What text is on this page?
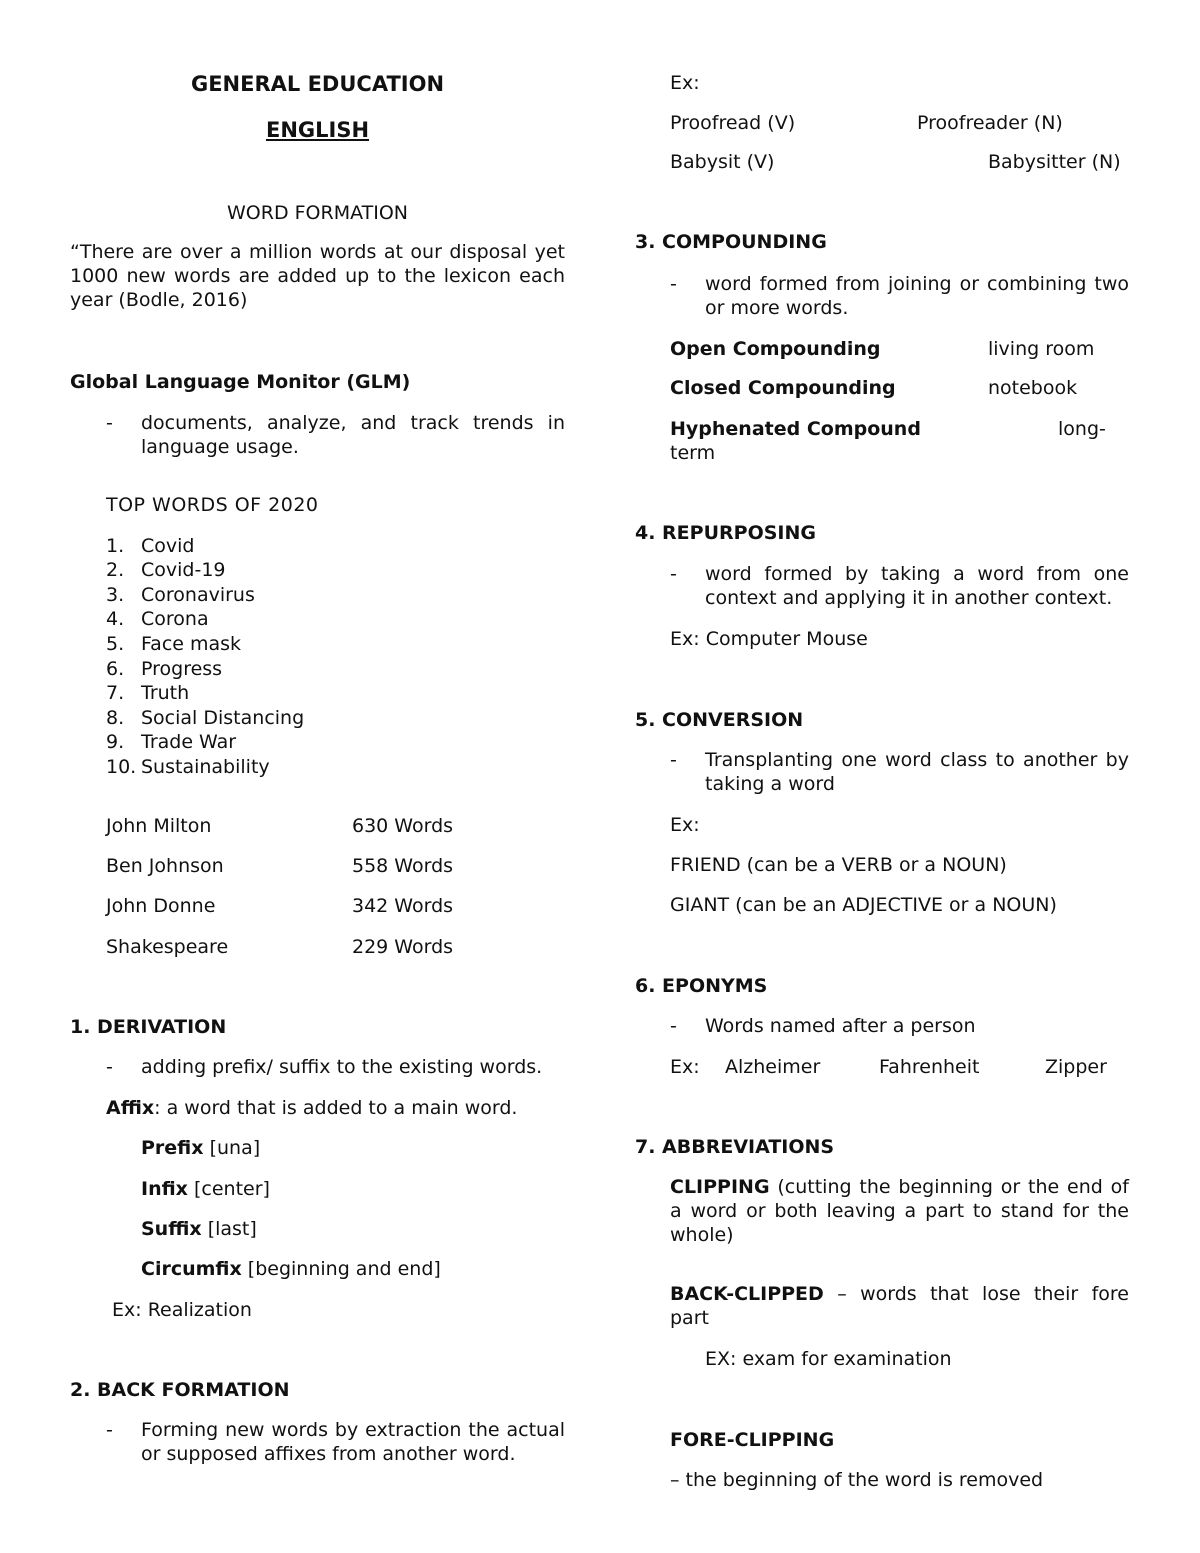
GENERAL EDUCATION
ENGLISH
WORD FORMATION
“There are over a million words at our disposal yet 1000 new words are added up to the lexicon each year (Bodle, 2016)
Global Language Monitor (GLM)
- documents, analyze, and track trends in language usage.
TOP WORDS OF 2020
1. Covid
2. Covid-19
3. Coronavirus
4. Corona
5. Face mask
6. Progress
7. Truth
8. Social Distancing
9. Trade War
10. Sustainability
John Milton	630 Words
Ben Johnson	558 Words
John Donne	342 Words
Shakespeare	229 Words
1. DERIVATION
- adding prefix/ suffix to the existing words.
Affix: a word that is added to a main word.
Prefix [una]
Infix [center]
Suffix [last]
Circumfix [beginning and end]
Ex: Realization
2. BACK FORMATION
- Forming new words by extraction the actual or supposed affixes from another word.
Ex:
Proofread (V)	Proofreader (N)
Babysit (V)	Babysitter (N)
3. COMPOUNDING
- word formed from joining or combining two or more words.
Open Compounding	living room
Closed Compounding	notebook
Hyphenated Compound	long-
term
4. REPURPOSING
- word formed by taking a word from one context and applying it in another context.
Ex: Computer Mouse
5. CONVERSION
- Transplanting one word class to another by taking a word
Ex:
FRIEND (can be a VERB or a NOUN)
GIANT (can be an ADJECTIVE or a NOUN)
6. EPONYMS
- Words named after a person
Ex: Alzheimer	Fahrenheit	Zipper
7. ABBREVIATIONS
CLIPPING (cutting the beginning or the end of a word or both leaving a part to stand for the whole)
BACK-CLIPPED – words that lose their fore part
EX: exam for examination
FORE-CLIPPING
– the beginning of the word is removed
